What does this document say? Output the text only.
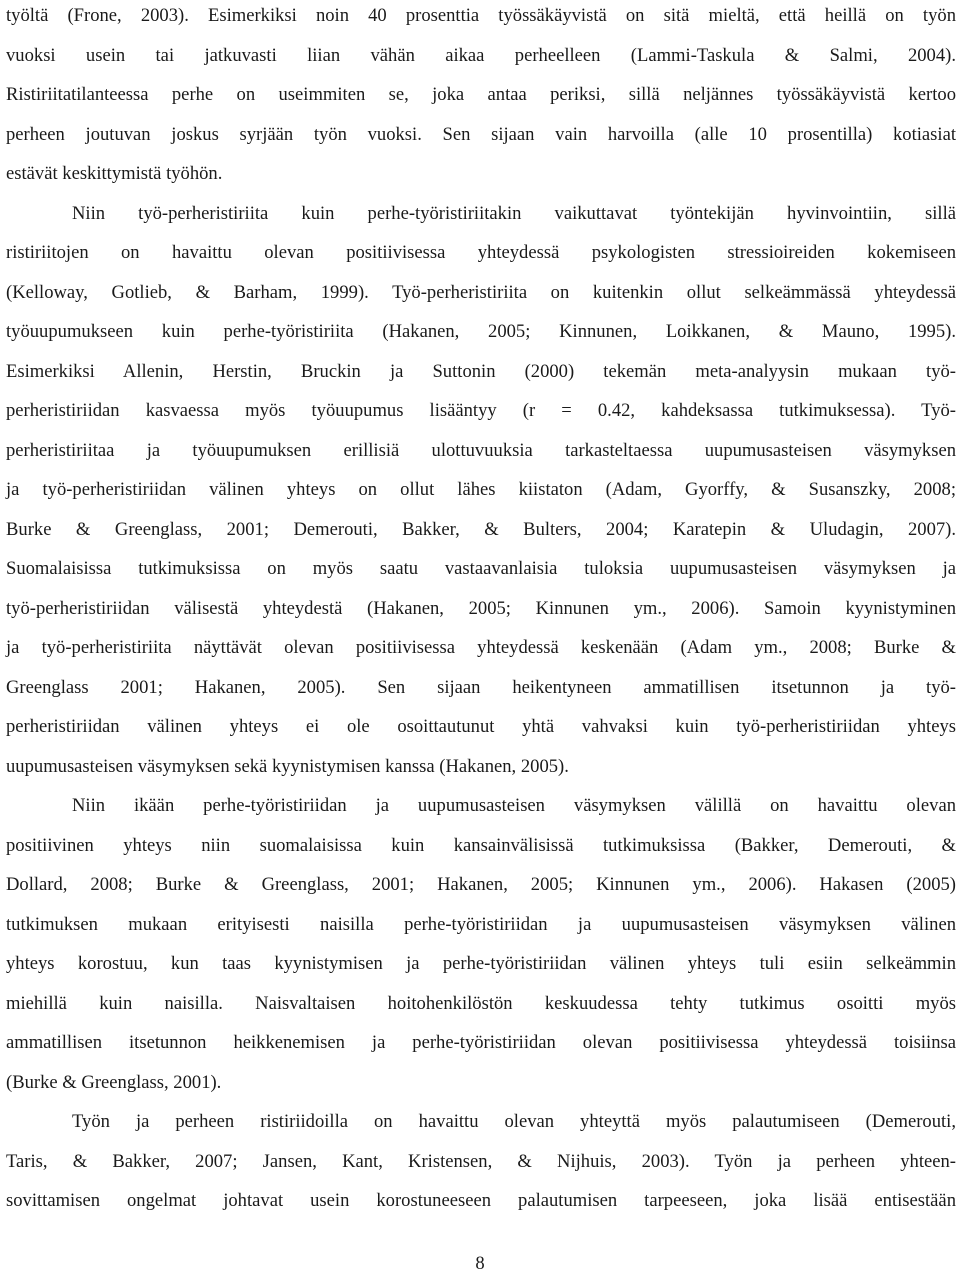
työltä (Frone, 2003). Esimerkiksi noin 40 prosenttia työssäkäyvistä on sitä mieltä, että heillä on työn
vuoksi usein tai jatkuvasti liian vähän aikaa perheelleen (Lammi-Taskula & Salmi, 2004).
Ristiriitatilanteessa perhe on useimmiten se, joka antaa periksi, sillä neljännes työssäkäyvistä kertoo
perheen joutuvan joskus syrjään työn vuoksi. Sen sijaan vain harvoilla (alle 10 prosentilla) kotiasiat
estävät keskittymistä työhön.
Niin työ-perheristiriita kuin perhe-työristiriitakin vaikuttavat työntekijän hyvinvointiin, sillä
ristiriitojen on havaittu olevan positiivisessa yhteydessä psykologisten stressioireiden kokemiseen
(Kelloway, Gotlieb, & Barham, 1999). Työ-perheristiriita on kuitenkin ollut selkeämmässä yhteydessä
työuupumukseen kuin perhe-työristiriita (Hakanen, 2005; Kinnunen, Loikkanen, & Mauno, 1995).
Esimerkiksi Allenin, Herstin, Bruckin ja Suttonin (2000) tekemän meta-analyysin mukaan työ-
perheristiriidan kasvaessa myös työuupumus lisääntyy (r = 0.42, kahdeksassa tutkimuksessa). Työ-
perheristiriitaa ja työuupumuksen erillisiä ulottuvuuksia tarkasteltaessa uupumusasteisen väsymyksen
ja työ-perheristiriidan välinen yhteys on ollut lähes kiistaton (Adam, Gyorffy, & Susanszky, 2008;
Burke & Greenglass, 2001; Demerouti, Bakker, & Bulters, 2004; Karatepin & Uludagin, 2007).
Suomalaisissa tutkimuksissa on myös saatu vastaavanlaisia tuloksia uupumusasteisen väsymyksen ja
työ-perheristiriidan välisestä yhteydestä (Hakanen, 2005; Kinnunen ym., 2006). Samoin kyynistyminen
ja työ-perheristiriita näyttävät olevan positiivisessa yhteydessä keskenään (Adam ym., 2008; Burke &
Greenglass 2001; Hakanen, 2005). Sen sijaan heikentyneen ammatillisen itsetunnon ja työ-
perheristiriidan välinen yhteys ei ole osoittautunut yhtä vahvaksi kuin työ-perheristiriidan yhteys
uupumusasteisen väsymyksen sekä kyynistymisen kanssa (Hakanen, 2005).
Niin ikään perhe-työristiriidan ja uupumusasteisen väsymyksen välillä on havaittu olevan
positiivinen yhteys niin suomalaisissa kuin kansainvälisissä tutkimuksissa (Bakker, Demerouti, &
Dollard, 2008; Burke & Greenglass, 2001; Hakanen, 2005; Kinnunen ym., 2006). Hakasen (2005)
tutkimuksen mukaan erityisesti naisilla perhe-työristiriidan ja uupumusasteisen väsymyksen välinen
yhteys korostuu, kun taas kyynistymisen ja perhe-työristiriidan välinen yhteys tuli esiin selkeämmin
miehillä kuin naisilla. Naisvaltaisen hoitohenkilöstön keskuudessa tehty tutkimus osoitti myös
ammatillisen itsetunnon heikkenemisen ja perhe-työristiriidan olevan positiivisessa yhteydessä toisiinsa
(Burke & Greenglass, 2001).
Työn ja perheen ristiriidoilla on havaittu olevan yhteyttä myös palautumiseen (Demerouti,
Taris, & Bakker, 2007; Jansen, Kant, Kristensen, & Nijhuis, 2003). Työn ja perheen yhteen-
sovittamisen ongelmat johtavat usein korostuneeseen palautumisen tarpeeseen, joka lisää entisestään
8
